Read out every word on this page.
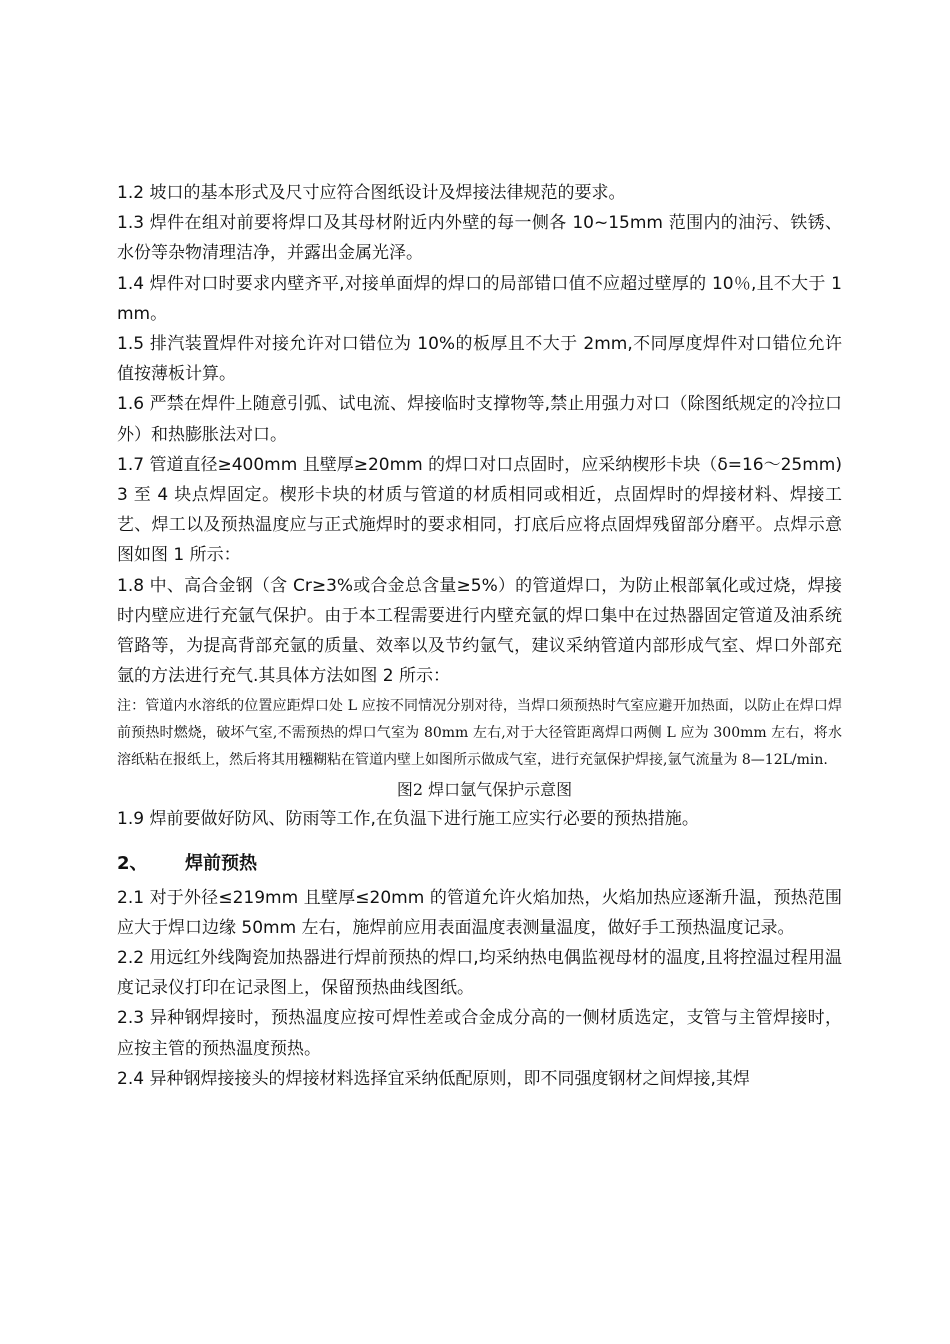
1.2 坡口的基本形式及尺寸应符合图纸设计及焊接法律规范的要求。

1.3 焊件在组对前要将焊口及其母材附近内外壁的每一侧各 10~15mm 范围内的油污、铁锈、水份等杂物清理洁净，并露出金属光泽。

1.4 焊件对口时要求内壁齐平,对接单面焊的焊口的局部错口值不应超过壁厚的 10％,且不大于 1mm。

1.5 排汽装置焊件对接允许对口错位为 10%的板厚且不大于 2mm,不同厚度焊件对口错位允许值按薄板计算。

1.6 严禁在焊件上随意引弧、试电流、焊接临时支撑物等,禁止用强力对口（除图纸规定的冷拉口外）和热膨胀法对口。

1.7 管道直径≥400mm 且壁厚≥20mm 的焊口对口点固时，应采纳楔形卡块（δ=16～25mm)3 至 4 块点焊固定。楔形卡块的材质与管道的材质相同或相近，点固焊时的焊接材料、焊接工艺、焊工以及预热温度应与正式施焊时的要求相同，打底后应将点固焊残留部分磨平。点焊示意图如图 1 所示：

1.8 中、高合金钢（含 Cr≥3%或合金总含量≥5%）的管道焊口，为防止根部氧化或过烧，焊接时内壁应进行充氩气保护。由于本工程需要进行内壁充氩的焊口集中在过热器固定管道及油系统管路等，为提高背部充氩的质量、效率以及节约氩气，建议采纳管道内部形成气室、焊口外部充氩的方法进行充气.其具体方法如图 2 所示：

注：管道内水溶纸的位置应距焊口处 L 应按不同情况分别对待，当焊口须预热时气室应避开加热面，以防止在焊口焊前预热时燃烧，破坏气室,不需预热的焊口气室为 80mm 左右,对于大径管距离焊口两侧 L 应为 300mm 左右，将水溶纸粘在报纸上，然后将其用糨糊粘在管道内壁上如图所示做成气室，进行充氩保护焊接,氩气流量为 8—12L/min.

图2 焊口氩气保护示意图

1.9 焊前要做好防风、防雨等工作,在负温下进行施工应实行必要的预热措施。

2、	焊前预热

2.1 对于外径≤219mm 且壁厚≤20mm 的管道允许火焰加热，火焰加热应逐渐升温，预热范围应大于焊口边缘 50mm 左右，施焊前应用表面温度表测量温度，做好手工预热温度记录。

2.2 用远红外线陶瓷加热器进行焊前预热的焊口,均采纳热电偶监视母材的温度,且将控温过程用温度记录仪打印在记录图上，保留预热曲线图纸。

2.3 异种钢焊接时，预热温度应按可焊性差或合金成分高的一侧材质选定，支管与主管焊接时，应按主管的预热温度预热。

2.4 异种钢焊接接头的焊接材料选择宜采纳低配原则，即不同强度钢材之间焊接,其焊
